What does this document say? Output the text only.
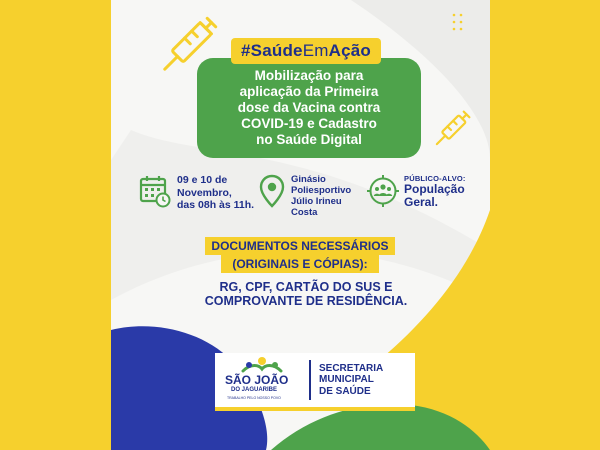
Mobilização para
aplicação da Primeira
dose da Vacina contra
COVID-19 e Cadastro
no Saúde Digital
#Saúde Em Ação
09 e 10 de
Novembro,
das 08h às 11h.
Ginásio
Poliesportivo
Júlio Irineu
Costa
PÚBLICO-ALVO:
População
Geral.
DOCUMENTOS NECESSÁRIOS
(ORIGINAIS E CÓPIAS):
RG, CPF, CARTÃO DO SUS E
COMPROVANTE DE RESIDÊNCIA.
SÃO JOÃO
DO JAGUARIBE
TRABALHO PELO NOSSO POVO
SECRETARIA
MUNICIPAL
DE SAÚDE
